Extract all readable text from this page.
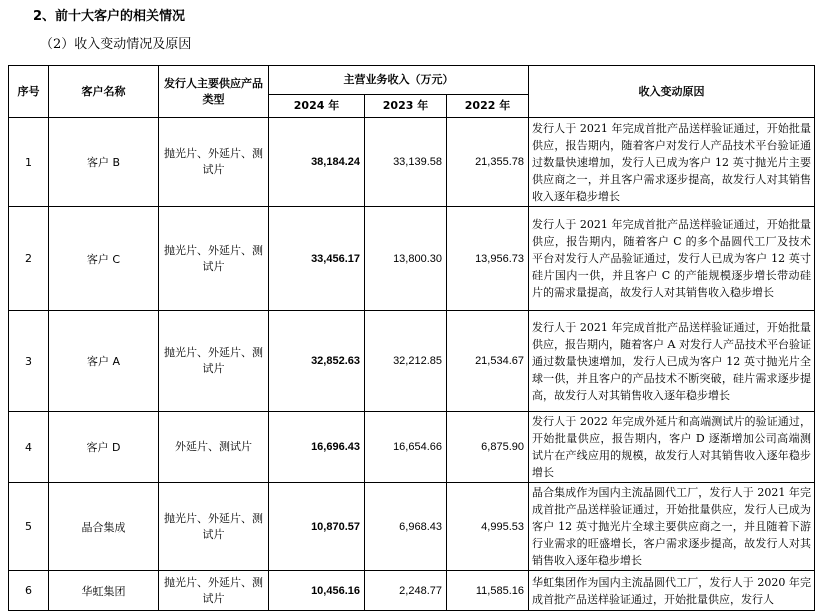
2、前十大客户的相关情况
（2）收入变动情况及原因
序号	客户名称	发行人主要供应产品类型	主营业务收入（万元）			收入变动原因
			2024 年	2023 年	2022 年	
1	客户 B	抛光片、外延片、测试片	38,184.24	33,139.58	21,355.78	发行人于 2021 年完成首批产品送样验证通过，开始批量供应，报告期内，随着客户对发行人产品技术平台验证通过数量快速增加，发行人已成为客户 12 英寸抛光片主要供应商之一，并且客户需求逐步提高，故发行人对其销售收入逐年稳步增长
2	客户 C	抛光片、外延片、测试片	33,456.17	13,800.30	13,956.73	发行人于 2021 年完成首批产品送样验证通过，开始批量供应，报告期内，随着客户 C 的多个晶圆代工厂及技术平台对发行人产品验证通过，发行人已成为客户 12 英寸硅片国内一供，并且客户 C 的产能规模逐步增长带动硅片的需求量提高，故发行人对其销售收入稳步增长
3	客户 A	抛光片、外延片、测试片	32,852.63	32,212.85	21,534.67	发行人于 2021 年完成首批产品送样验证通过，开始批量供应，报告期内，随着客户 A 对发行人产品技术平台验证通过数量快速增加，发行人已成为客户 12 英寸抛光片全球一供，并且客户的产品技术不断突破，硅片需求逐步提高，故发行人对其销售收入逐年稳步增长
4	客户 D	外延片、测试片	16,696.43	16,654.66	6,875.90	发行人于 2022 年完成外延片和高端测试片的验证通过，开始批量供应，报告期内，客户 D 逐渐增加公司高端测试片在产线应用的规模，故发行人对其销售收入逐年稳步增长
5	晶合集成	抛光片、外延片、测试片	10,870.57	6,968.43	4,995.53	晶合集成作为国内主流晶圆代工厂，发行人于 2021 年完成首批产品送样验证通过，开始批量供应，发行人已成为客户 12 英寸抛光片全球主要供应商之一，并且随着下游行业需求的旺盛增长，客户需求逐步提高，故发行人对其销售收入逐年稳步增长
6	华虹集团	抛光片、外延片、测试片	10,456.16	2,248.77	11,585.16	华虹集团作为国内主流晶圆代工厂，发行人于 2020 年完成首批产品送样验证通过，开始批量供应，发行人
